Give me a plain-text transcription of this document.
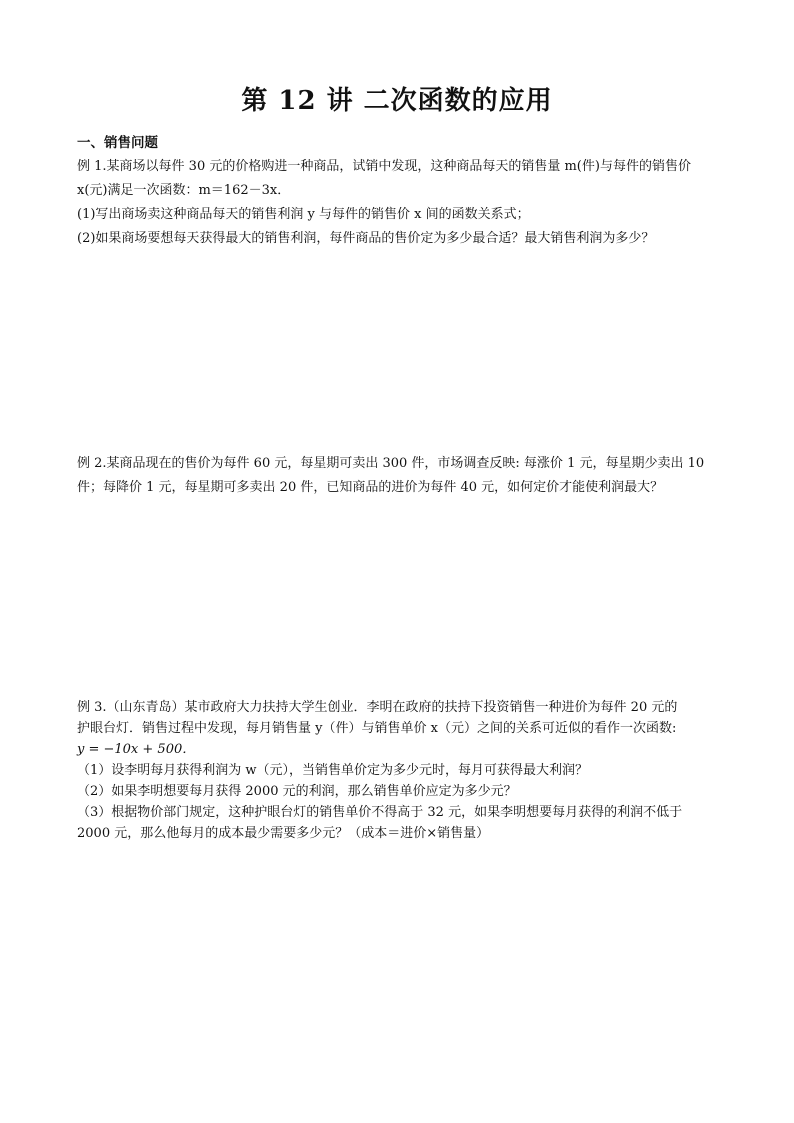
第 12 讲 二次函数的应用
一、销售问题
例 1.某商场以每件 30 元的价格购进一种商品，试销中发现，这种商品每天的销售量 m(件)与每件的销售价
x(元)满足一次函数：m＝162－3x．
(1)写出商场卖这种商品每天的销售利润 y 与每件的销售价 x 间的函数关系式；
(2)如果商场要想每天获得最大的销售利润，每件商品的售价定为多少最合适？最大销售利润为多少？
例 2.某商品现在的售价为每件 60 元，每星期可卖出 300 件，市场调查反映: 每涨价 1 元，每星期少卖出 10
件；每降价 1 元，每星期可多卖出 20 件，已知商品的进价为每件 40 元，如何定价才能使利润最大？
例 3.（山东青岛）某市政府大力扶持大学生创业．李明在政府的扶持下投资销售一种进价为每件 20 元的
护眼台灯．销售过程中发现，每月销售量 y（件）与销售单价 x（元）之间的关系可近似的看作一次函数:
y = −10x + 500．
（1）设李明每月获得利润为 w（元），当销售单价定为多少元时，每月可获得最大利润？
（2）如果李明想要每月获得 2000 元的利润，那么销售单价应定为多少元？
（3）根据物价部门规定，这种护眼台灯的销售单价不得高于 32 元，如果李明想要每月获得的利润不低于
2000 元，那么他每月的成本最少需要多少元？（成本＝进价×销售量）
